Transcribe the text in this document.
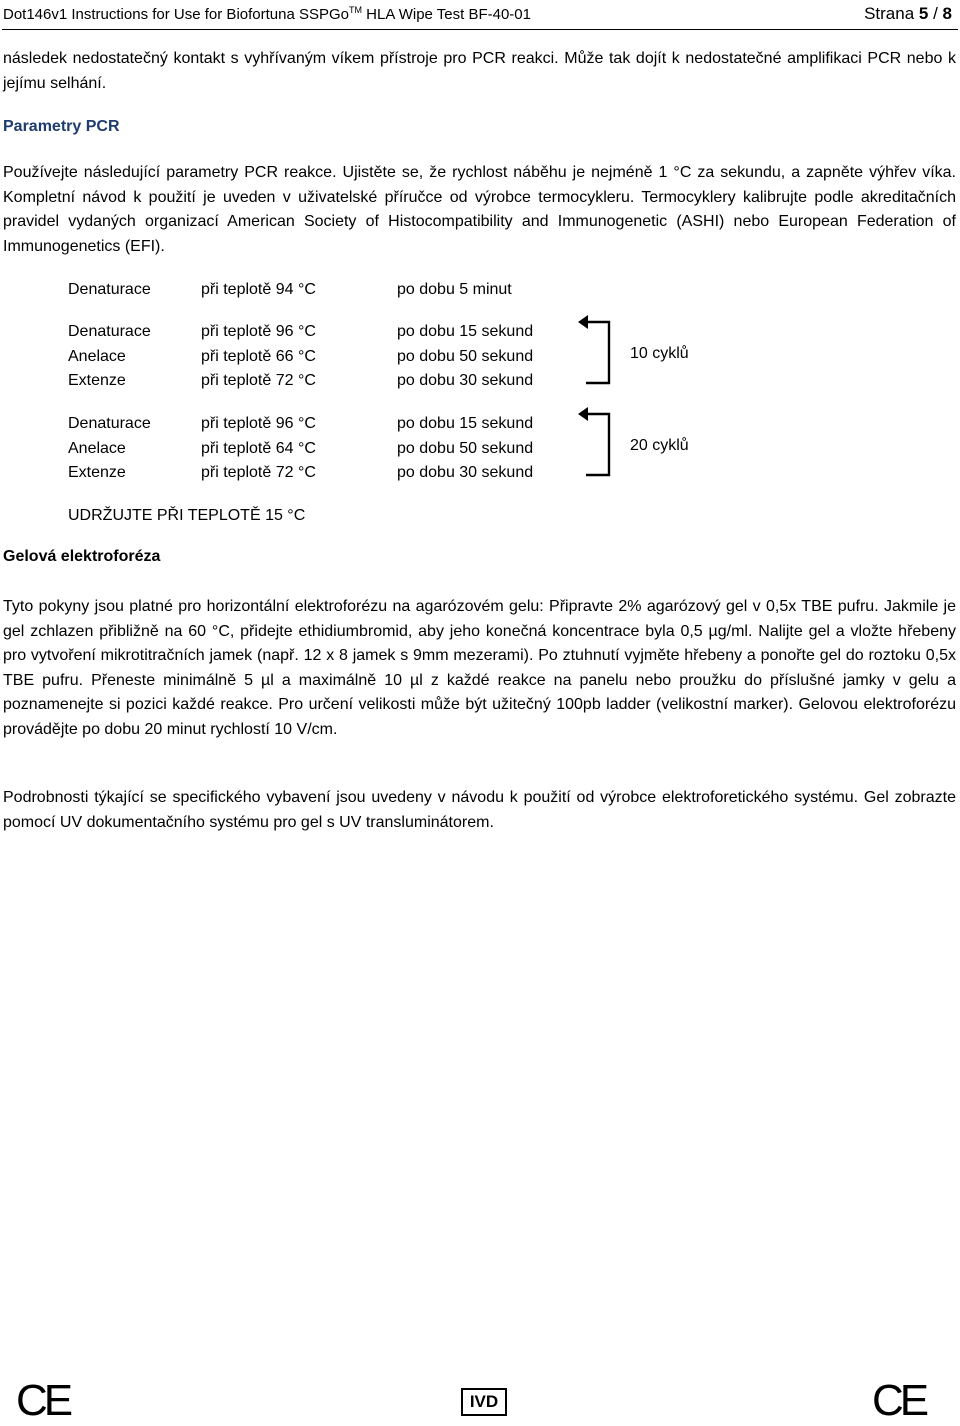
Dot146v1 Instructions for Use for Biofortuna SSPGo™ HLA Wipe Test BF-40-01	Strana 5 / 8

následek nedostatečný kontakt s vyhřívaným víkem přístroje pro PCR reakci. Může tak dojít k nedostatečné amplifikaci PCR nebo k jejímu selhání.

Parametry PCR

Používejte následující parametry PCR reakce. Ujistěte se, že rychlost náběhu je nejméně 1 °C za sekundu, a zapněte výhřev víka. Kompletní návod k použití je uveden v uživatelské příručce od výrobce termocykleru. Termocyklery kalibrujte podle akreditačních pravidel vydaných organizací American Society of Histocompatibility and Immunogenetic (ASHI) nebo European Federation of Immunogenetics (EFI).

Denaturace	při teplotě 94 °C	po dobu 5 minut
Denaturace	při teplotě 96 °C	po dobu 15 sekund
Anelace	při teplotě 66 °C	po dobu 50 sekund
Extenze	při teplotě 72 °C	po dobu 30 sekund
10 cyklů
Denaturace	při teplotě 96 °C	po dobu 15 sekund
Anelace	při teplotě 64 °C	po dobu 50 sekund
Extenze	při teplotě 72 °C	po dobu 30 sekund
20 cyklů
UDRŽUJTE PŘI TEPLOTĚ 15 °C
Gelová elektroforéza

Tyto pokyny jsou platné pro horizontální elektroforézu na agarózovém gelu: Připravte 2% agarózový gel v 0,5x TBE pufru. Jakmile je gel zchlazen přibližně na 60 °C, přidejte ethidiumbromid, aby jeho konečná koncentrace byla 0,5 µg/ml. Nalijte gel a vložte hřebeny pro vytvoření mikrotitračních jamek (např. 12 x 8 jamek s 9mm mezerami). Po ztuhnutí vyjměte hřebeny a ponořte gel do roztoku 0,5x TBE pufru. Přeneste minimálně 5 µl a maximálně 10 µl z každé reakce na panelu nebo proužku do příslušné jamky v gelu a poznamenejte si pozici každé reakce. Pro určení velikosti může být užitečný 100pb ladder (velikostní marker). Gelovou elektroforézu provádějte po dobu 20 minut rychlostí 10 V/cm.

Podrobnosti týkající se specifického vybavení jsou uvedeny v návodu k použití od výrobce elektroforetického systému. Gel zobrazte pomocí UV dokumentačního systému pro gel s UV transluminátorem.

CE	IVD	CE
